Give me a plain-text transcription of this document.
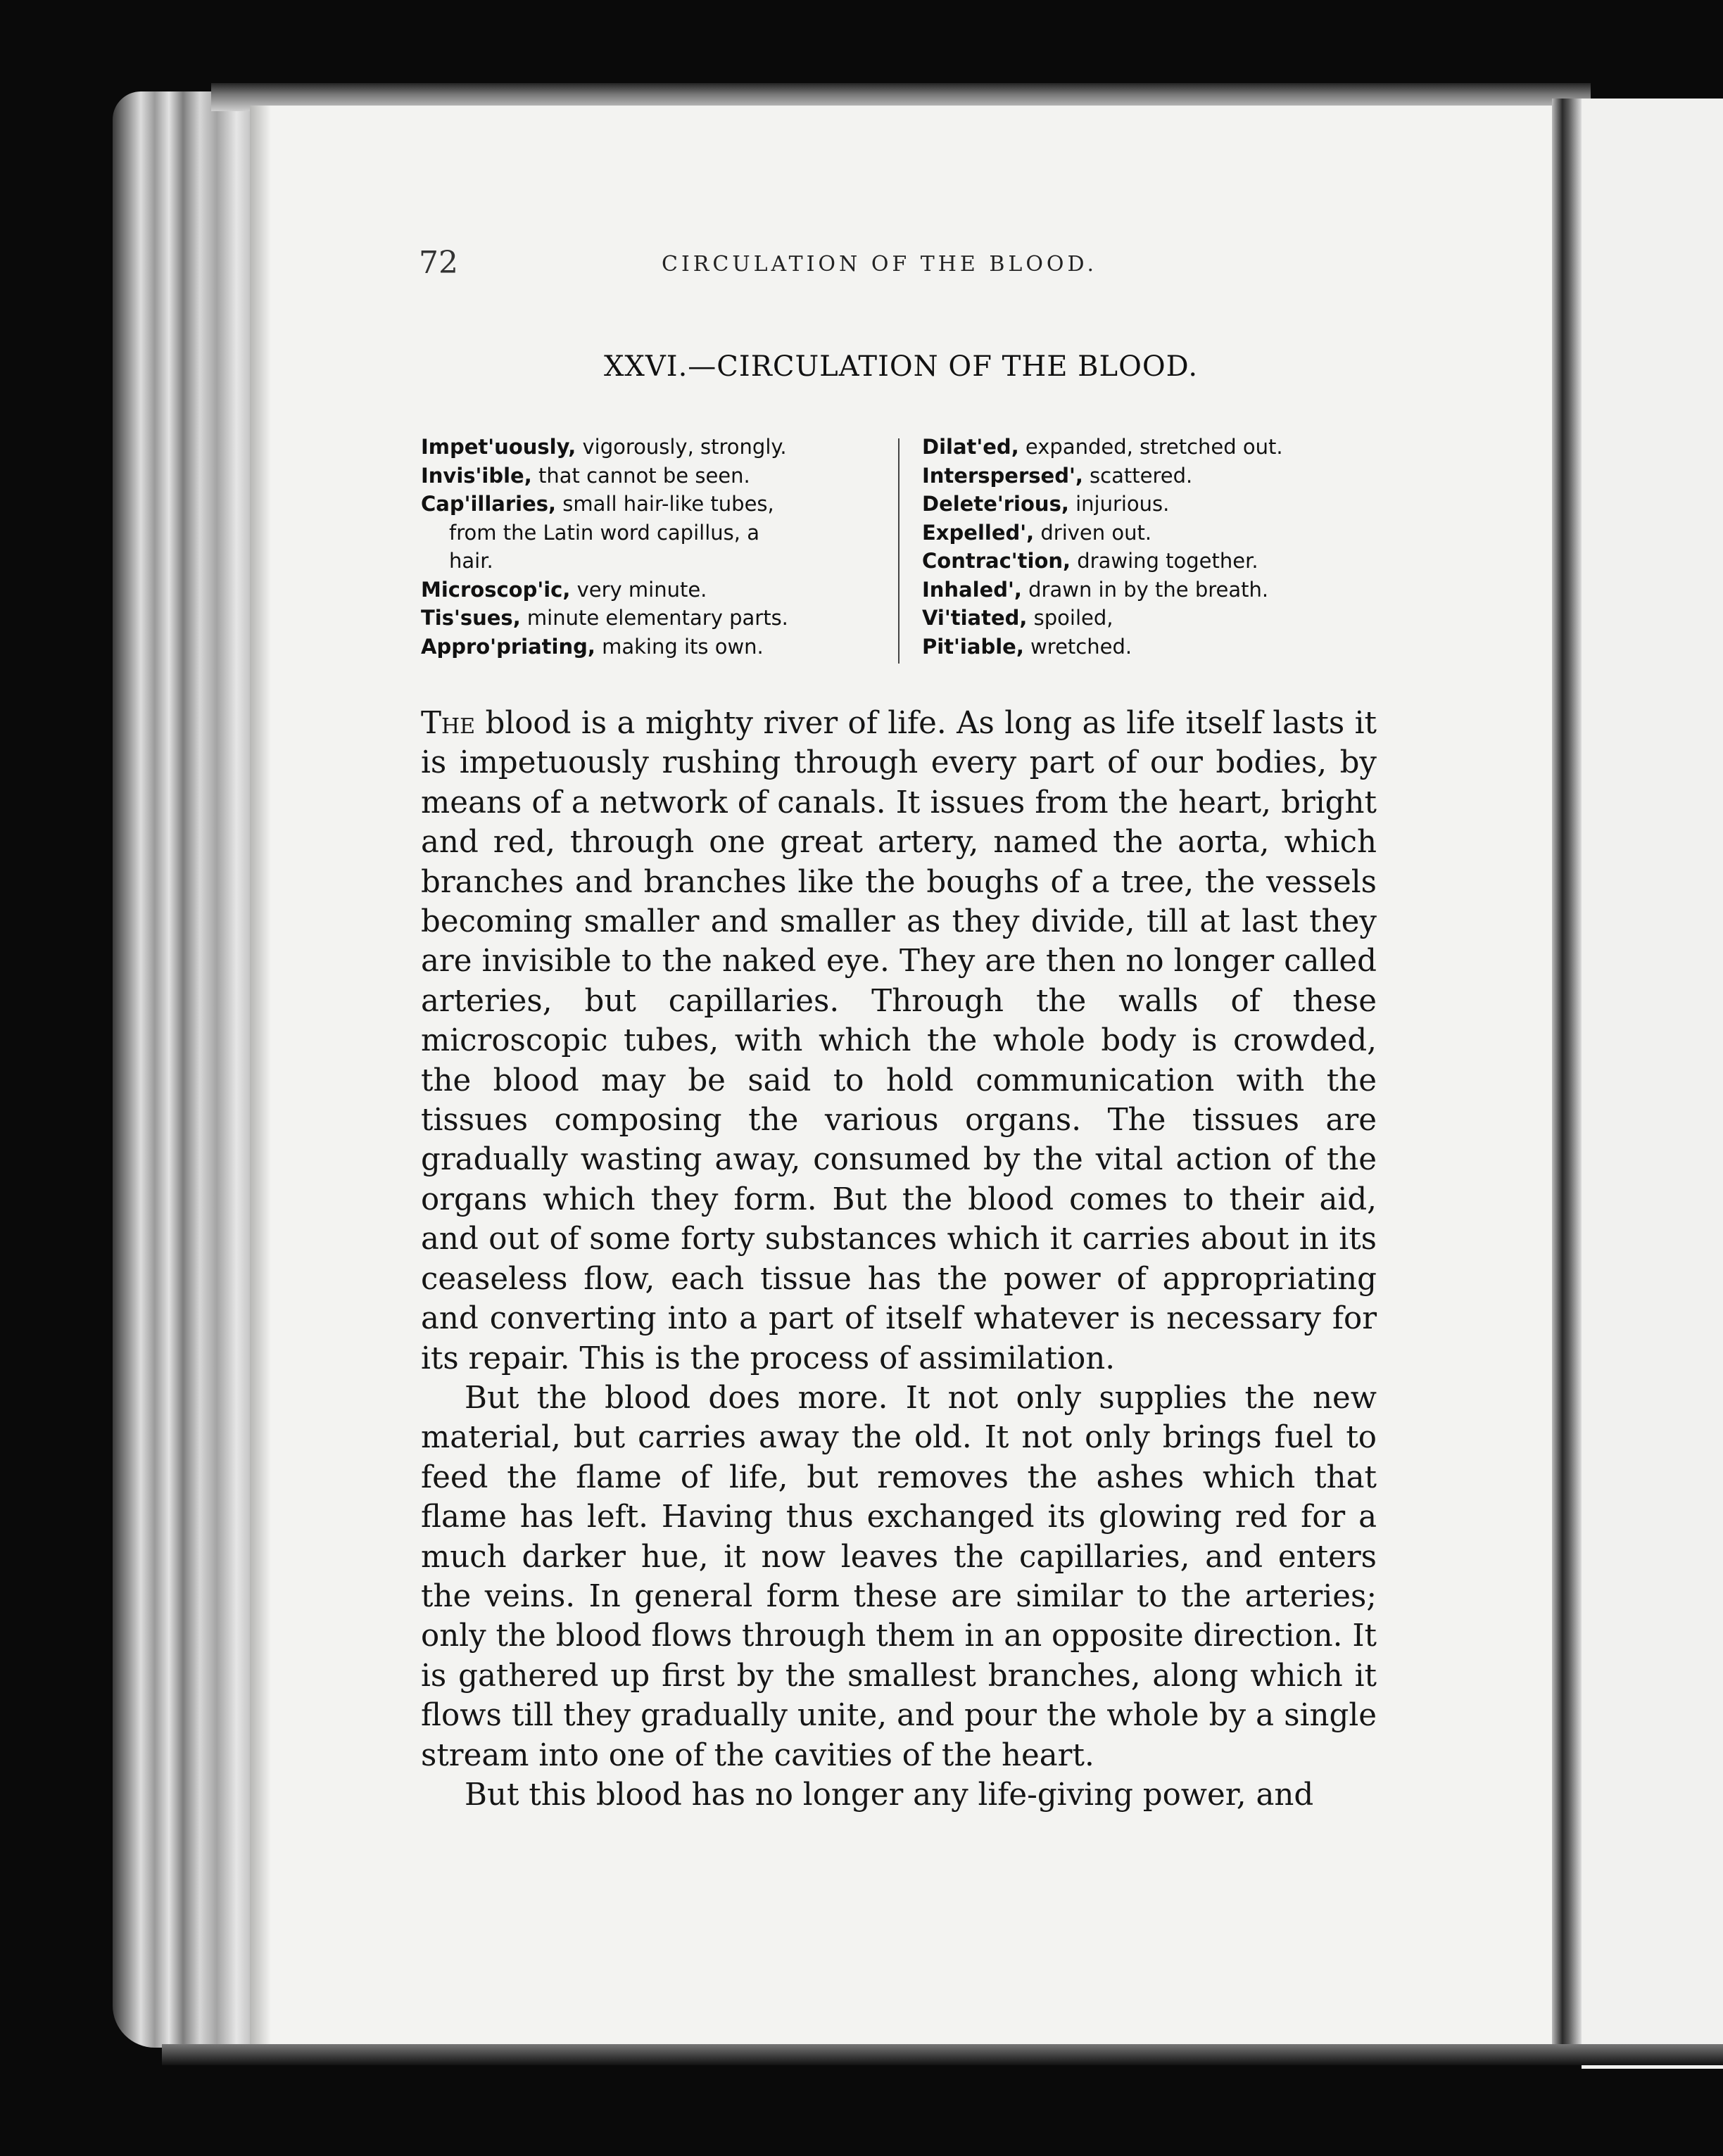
72	CIRCULATION OF THE BLOOD.
XXVI.—CIRCULATION OF THE BLOOD.
Impet'uously, vigorously, strongly.
Invis'ible, that cannot be seen.
Cap'illaries, small hair-like tubes,
from the Latin word capillus, a
hair.
Microscop'ic, very minute.
Tis'sues, minute elementary parts.
Appro'priating, making its own.
Dilat'ed, expanded, stretched out.
Interspersed', scattered.
Delete'rious, injurious.
Expelled', driven out.
Contrac'tion, drawing together.
Inhaled', drawn in by the breath.
Vi'tiated, spoiled,
Pit'iable, wretched.

The blood is a mighty river of life. As long as life itself lasts it is impetuously rushing through every part of our bodies, by means of a network of canals. It issues from the heart, bright and red, through one great artery, named the aorta, which branches and branches like the boughs of a tree, the vessels becoming smaller and smaller as they divide, till at last they are invisible to the naked eye. They are then no longer called arteries, but capillaries. Through the walls of these microscopic tubes, with which the whole body is crowded, the blood may be said to hold communication with the tissues composing the various organs. The tissues are gradually wasting away, consumed by the vital action of the organs which they form. But the blood comes to their aid, and out of some forty substances which it carries about in its ceaseless flow, each tissue has the power of appropriating and converting into a part of itself whatever is necessary for its repair. This is the process of assimilation.

But the blood does more. It not only supplies the new material, but carries away the old. It not only brings fuel to feed the flame of life, but removes the ashes which that flame has left. Having thus exchanged its glowing red for a much darker hue, it now leaves the capillaries, and enters the veins. In general form these are similar to the arteries; only the blood flows through them in an opposite direction. It is gathered up first by the smallest branches, along which it flows till they gradually unite, and pour the whole by a single stream into one of the cavities of the heart.

But this blood has no longer any life-giving power, and
